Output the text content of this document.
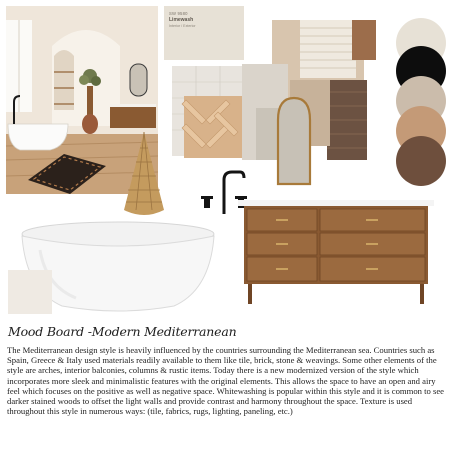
SW 9580
Limewash
Interior / Exterior
Mood Board -Modern Mediterranean
The Mediterranean design style is heavily influenced by the countries surrounding the Mediterranean sea. Countries such as Spain, Greece & Italy used materials readily available to them like tile, brick, stone & weavings. Some other elements of the style are arches, interior balconies, columns & rustic items. Today there is a new modernized version of the style which incorporates more sleek and minimalistic features with the original elements. This allows the space to have an open and airy feel which focuses on the positive as well as negative space. Whitewashing is popular within this style and it is common to see darker stained woods to offset the light walls and provide contrast and harmony throughout the space. Texture is used throughout this style in numerous ways: (tile, fabrics, rugs, lighting, paneling, etc.)
